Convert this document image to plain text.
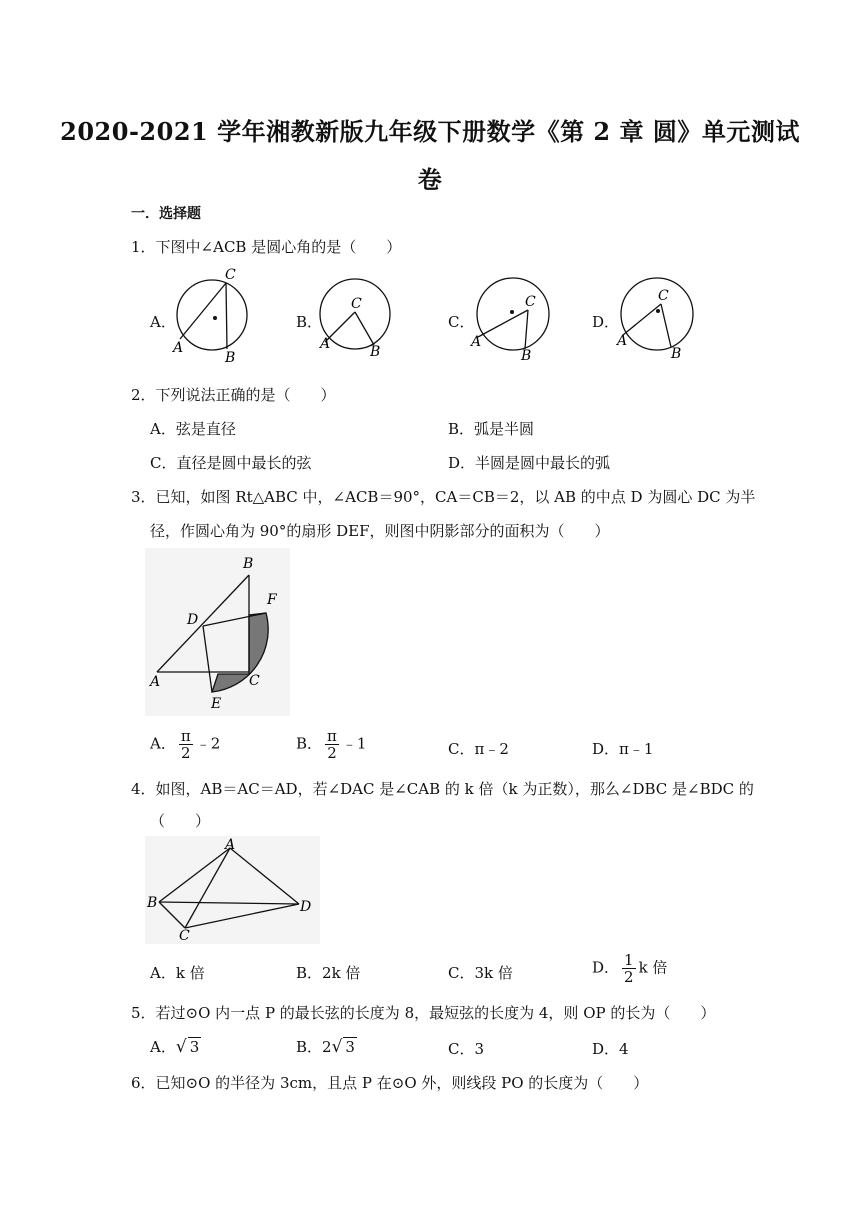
2020-2021 学年湘教新版九年级下册数学《第 2 章 圆》单元测试
卷
一．选择题
1．下图中∠ACB 是圆心角的是（　　）
A．
C
A
B
B．
C
A	B
C．
C
A
B
D．
C
A
B
2．下列说法正确的是（　　）
A．弦是直径	B．弧是半圆
C．直径是圆中最长的弦	D．半圆是圆中最长的弧
3．已知，如图 Rt△ABC 中，∠ACB＝90°，CA＝CB＝2，以 AB 的中点 D 为圆心 DC 为半
径，作圆心角为 90°的扇形 DEF，则图中阴影部分的面积为（　　）
B
F
D
A	C
E
A． $\frac{\pi}{2}$ ﹣2	B． $\frac{\pi}{2}$ ﹣1	C．π﹣2	D．π﹣1
4．如图，AB＝AC＝AD，若∠DAC 是∠CAB 的 k 倍（k 为正数），那么∠DBC 是∠BDC 的
（　　）
A
B	D
C
A．k 倍	B．2k 倍	C．3k 倍	D． $\frac{1}{2}$ k 倍
5．若过⊙O 内一点 P 的最长弦的长度为 8，最短弦的长度为 4，则 OP 的长为（　　）
A．√ 3	B．2√ 3	C．3	D．4
6．已知⊙O 的半径为 3cm，且点 P 在⊙O 外，则线段 PO 的长度为（　　）
